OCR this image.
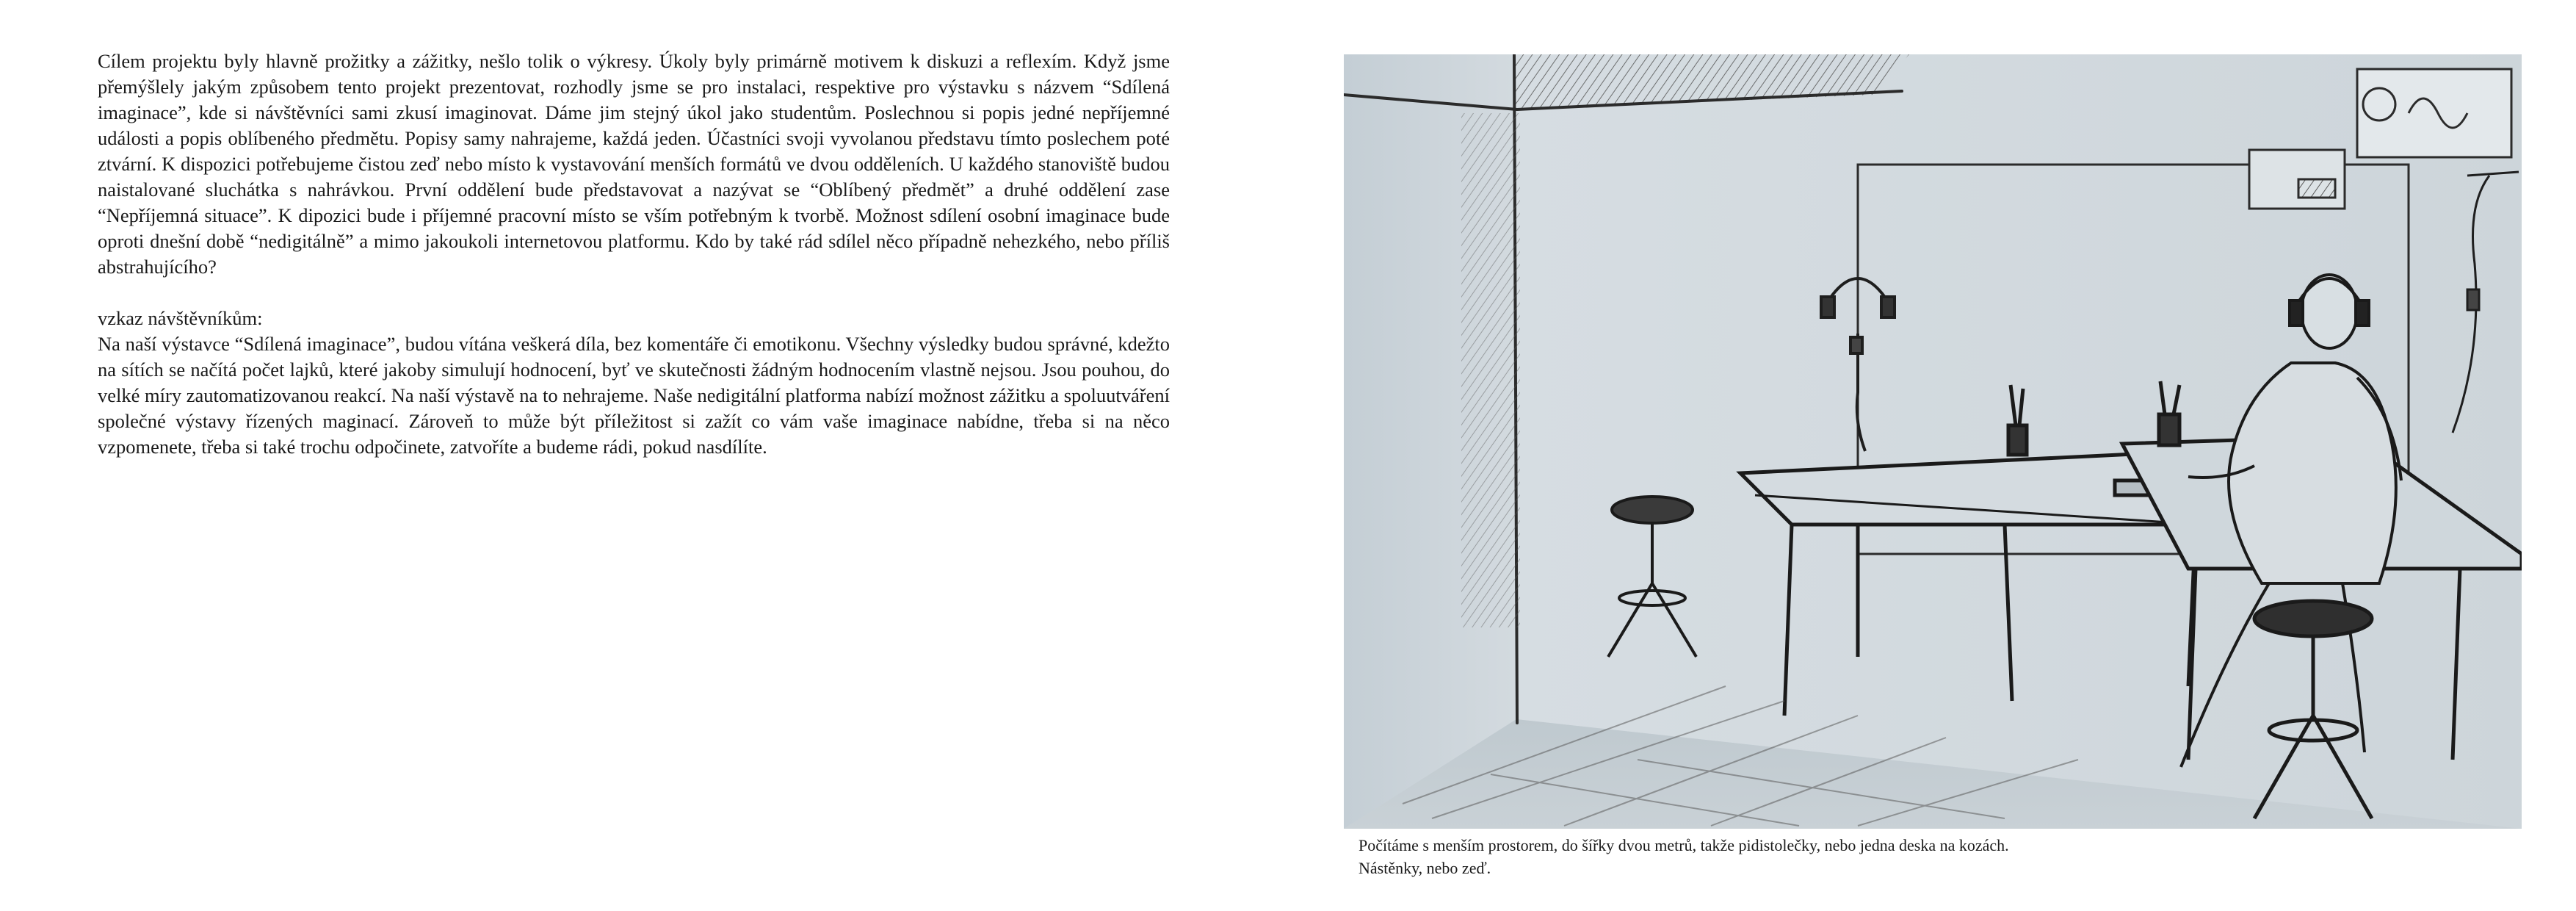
Cílem projektu byly hlavně prožitky a zážitky, nešlo tolik o výkresy. Úkoly byly primárně motivem k diskuzi a reflexím. Když jsme přemýšlely jakým způsobem tento projekt prezentovat, rozhodly jsme se pro instalaci, respektive pro výstavku s názvem “Sdílená imaginace”, kde si návštěvníci sami zkusí imaginovat. Dáme jim stejný úkol jako studentům. Poslechnou si popis jedné nepříjemné události a popis oblíbeného předmětu. Popisy samy nahrajeme, každá jeden. Účastníci svoji vyvolanou představu tímto poslechem poté ztvární. K dispozici potřebujeme čistou zeď nebo místo k vystavování menších formátů ve dvou odděleních. U každého stanoviště budou naistalované sluchátka s nahrávkou. První oddělení bude představovat a nazývat se “Oblíbený předmět” a druhé oddělení zase “Nepříjemná situace”. K dipozici bude i příjemné pracovní místo se vším potřebným k tvorbě. Možnost sdílení osobní imaginace bude oproti dnešní době “nedigitálně” a mimo jakoukoli internetovou platformu. Kdo by také rád sdílel něco případně nehezkého, nebo příliš abstrahujícího?

vzkaz návštěvníkům:

Na naší výstavce “Sdílená imaginace”, budou vítána veškerá díla, bez komentáře či emotikonu. Všechny výsledky budou správné, kdežto na sítích se načítá počet lajků, které jakoby simulují hodnocení, byť ve skutečnosti žádným hodnocením vlastně nejsou. Jsou pouhou, do velké míry zautomatizovanou reakcí. Na naší výstavě na to nehrajeme. Naše nedigitální platforma nabízí možnost zážitku a spoluutváření společné výstavy řízených maginací. Zároveň to může být příležitost si zažít co vám vaše imaginace nabídne, třeba si na něco vzpomenete, třeba si také trochu odpočinete, zatvoříte a budeme rádi, pokud nasdílíte.

Počítáme s menším prostorem, do šířky dvou metrů, takže pidistolečky, nebo jedna deska na kozách.

Nástěnky, nebo zeď.
